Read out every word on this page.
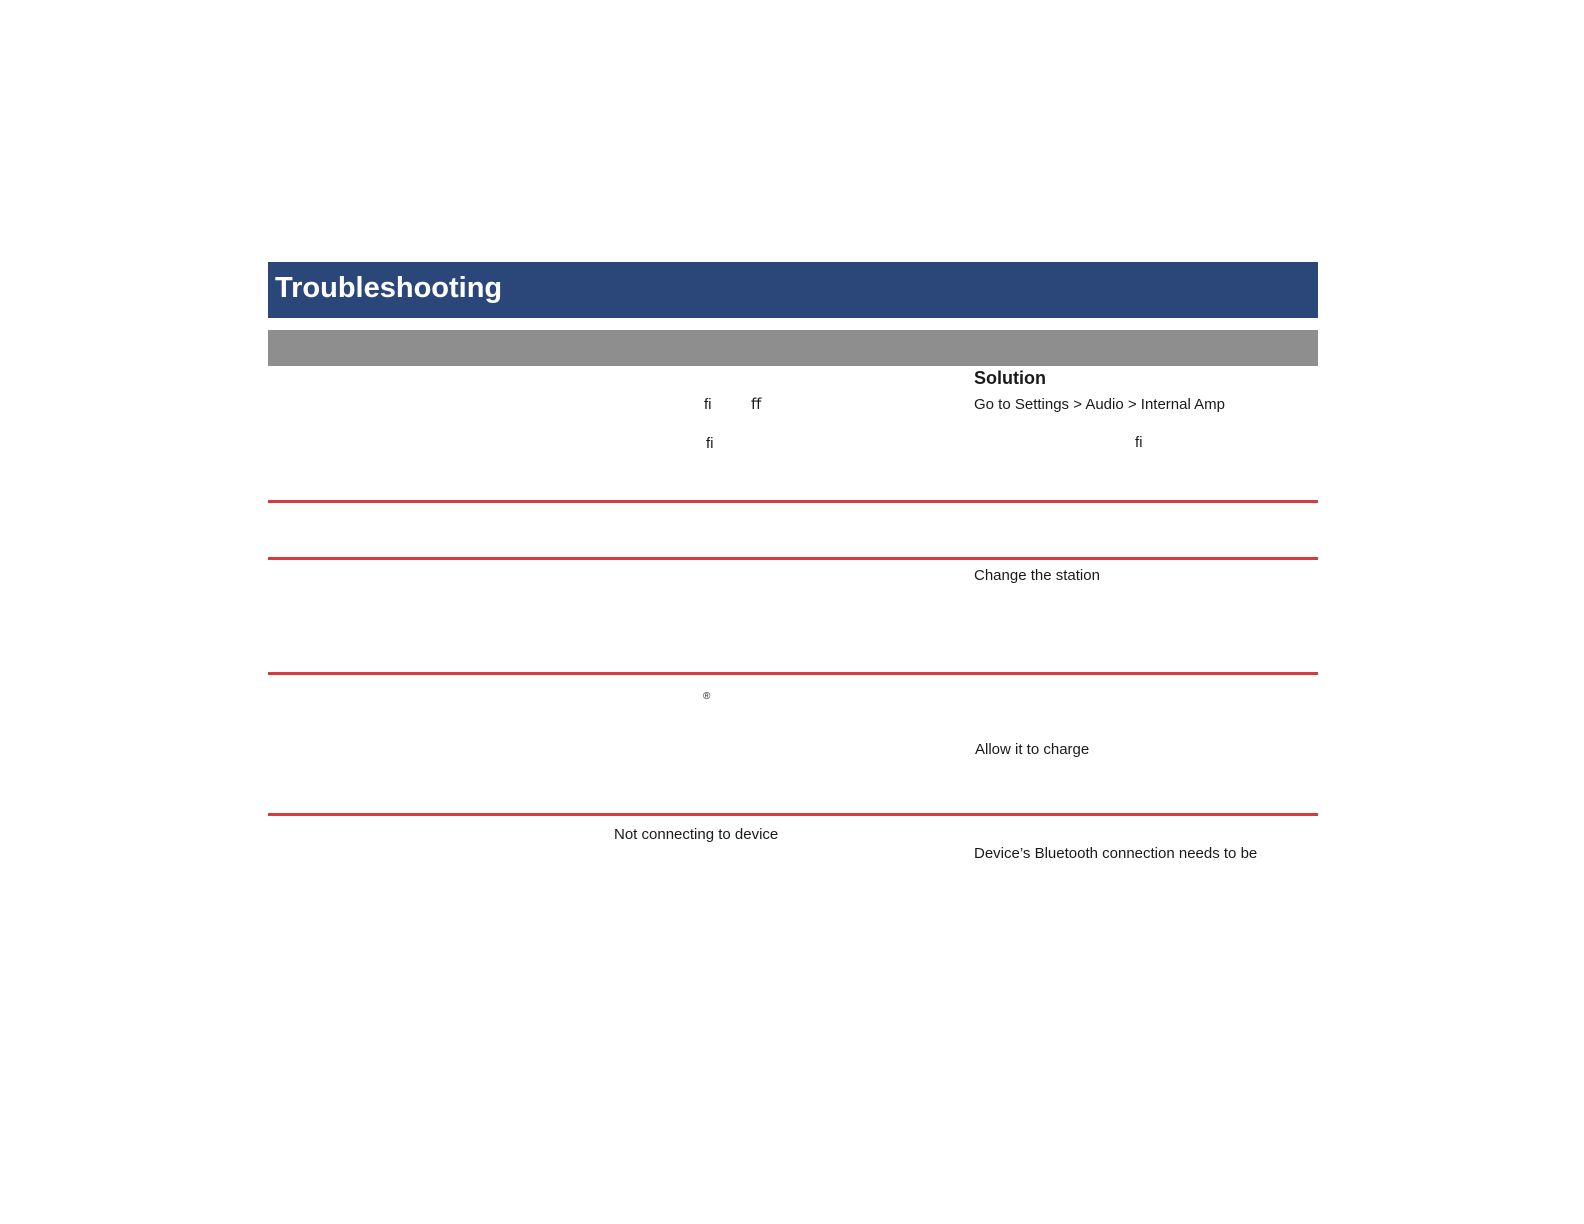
Troubleshooting
Solution
ﬁ	ﬀ
ﬁ
Go to Settings > Audio > Internal Amp
ﬁ
Change the station
®
Allow it to charge
Not connecting to device
Device’s Bluetooth connection needs to be
